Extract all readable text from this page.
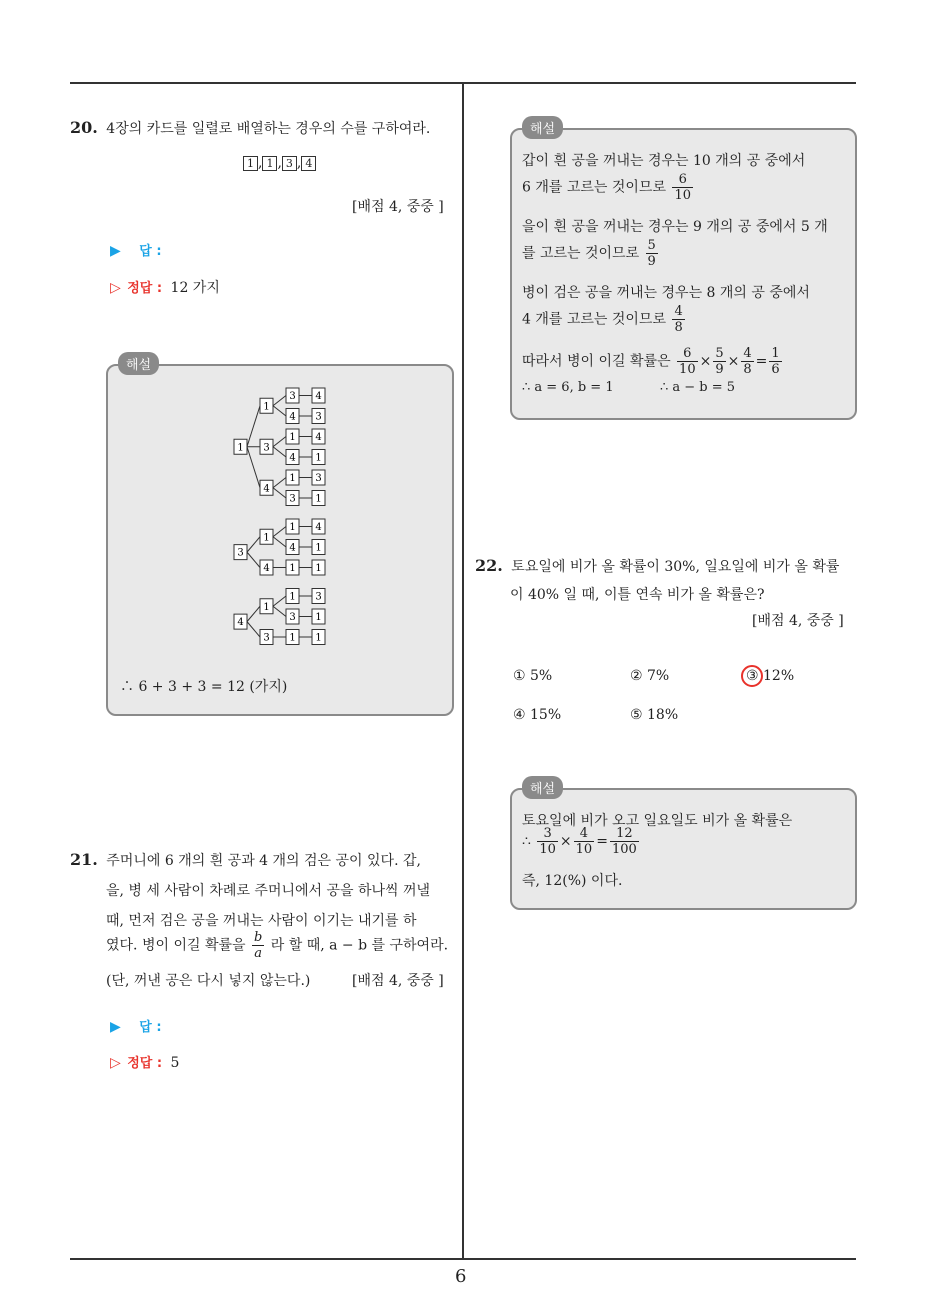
6
20. 4장의 카드를 일렬로 배열하는 경우의 수를 구하여라.
1 , 1 , 3 , 4
[배점 4, 중중 ]
▶ 답 :
▷ 정답 : 12 가지
해설
3 4
4 3
1
1 4
4 1
3
1 3
3 1
4
1
1 4
4 1
1
1 1
4
3
1 3
3 1
1
1 1
3
4
∴ 6 + 3 + 3 = 12 (가지)
21. 주머니에 6 개의 흰 공과 4 개의 검은 공이 있다. 갑,
을, 병 세 사람이 차례로 주머니에서 공을 하나씩 꺼낼
때, 먼저 검은 공을 꺼내는 사람이 이기는 내기를 하
였다. 병이 이길 확률을 $\frac{b}{a}$ 라 할 때, a − b 를 구하여라.
(단, 꺼낸 공은 다시 넣지 않는다.)	[배점 4, 중중 ]
▶ 답 :
▷ 정답 : 5
해설
갑이 흰 공을 꺼내는 경우는 10 개의 공 중에서
6 개를 고르는 것이므로 $\frac{6}{10}$
을이 흰 공을 꺼내는 경우는 9 개의 공 중에서 5 개
를 고르는 것이므로 $\frac{5}{9}$
병이 검은 공을 꺼내는 경우는 8 개의 공 중에서
4 개를 고르는 것이므로 $\frac{4}{8}$
따라서 병이 이길 확률은 $\frac{6}{10} \times \frac{5}{9} \times \frac{4}{8} = \frac{1}{6}$
∴ a = 6, b = 1	∴ a − b = 5
22. 토요일에 비가 올 확률이 30%, 일요일에 비가 올 확률
이 40% 일 때, 이틀 연속 비가 올 확률은?
[배점 4, 중중 ]
① 5%	② 7%	③ 12%
④ 15%	⑤ 18%
해설
토요일에 비가 오고 일요일도 비가 올 확률은
∴ $\frac{3}{10} \times \frac{4}{10} = \frac{12}{100}$
즉, 12(%) 이다.
